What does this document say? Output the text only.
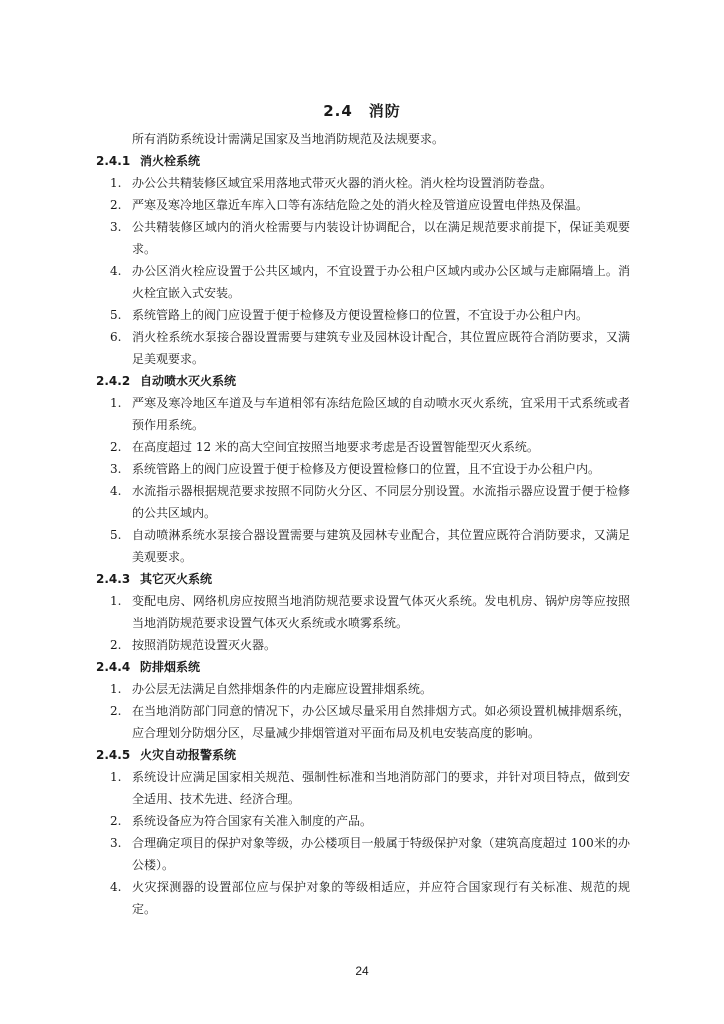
2.4 消防
所有消防系统设计需满足国家及当地消防规范及法规要求。
2.4.1 消火栓系统
1. 办公公共精装修区域宜采用落地式带灭火器的消火栓。消火栓均设置消防卷盘。
2. 严寒及寒冷地区靠近车库入口等有冻结危险之处的消火栓及管道应设置电伴热及保温。
3. 公共精装修区域内的消火栓需要与内装设计协调配合，以在满足规范要求前提下，保证美观要求。
4. 办公区消火栓应设置于公共区域内，不宜设置于办公租户区域内或办公区域与走廊隔墙上。消火栓宜嵌入式安装。
5. 系统管路上的阀门应设置于便于检修及方便设置检修口的位置，不宜设于办公租户内。
6. 消火栓系统水泵接合器设置需要与建筑专业及园林设计配合，其位置应既符合消防要求，又满足美观要求。
2.4.2 自动喷水灭火系统
1. 严寒及寒冷地区车道及与车道相邻有冻结危险区域的自动喷水灭火系统，宜采用干式系统或者预作用系统。
2. 在高度超过 12 米的高大空间宜按照当地要求考虑是否设置智能型灭火系统。
3. 系统管路上的阀门应设置于便于检修及方便设置检修口的位置，且不宜设于办公租户内。
4. 水流指示器根据规范要求按照不同防火分区、不同层分别设置。水流指示器应设置于便于检修的公共区域内。
5. 自动喷淋系统水泵接合器设置需要与建筑及园林专业配合，其位置应既符合消防要求，又满足美观要求。
2.4.3 其它灭火系统
1. 变配电房、网络机房应按照当地消防规范要求设置气体灭火系统。发电机房、锅炉房等应按照当地消防规范要求设置气体灭火系统或水喷雾系统。
2. 按照消防规范设置灭火器。
2.4.4 防排烟系统
1. 办公层无法满足自然排烟条件的内走廊应设置排烟系统。
2. 在当地消防部门同意的情况下，办公区域尽量采用自然排烟方式。如必须设置机械排烟系统，应合理划分防烟分区，尽量减少排烟管道对平面布局及机电安装高度的影响。
2.4.5 火灾自动报警系统
1. 系统设计应满足国家相关规范、强制性标准和当地消防部门的要求，并针对项目特点，做到安全适用、技术先进、经济合理。
2. 系统设备应为符合国家有关准入制度的产品。
3. 合理确定项目的保护对象等级，办公楼项目一般属于特级保护对象（建筑高度超过 100米的办公楼）。
4. 火灾探测器的设置部位应与保护对象的等级相适应，并应符合国家现行有关标准、规范的规定。
24
